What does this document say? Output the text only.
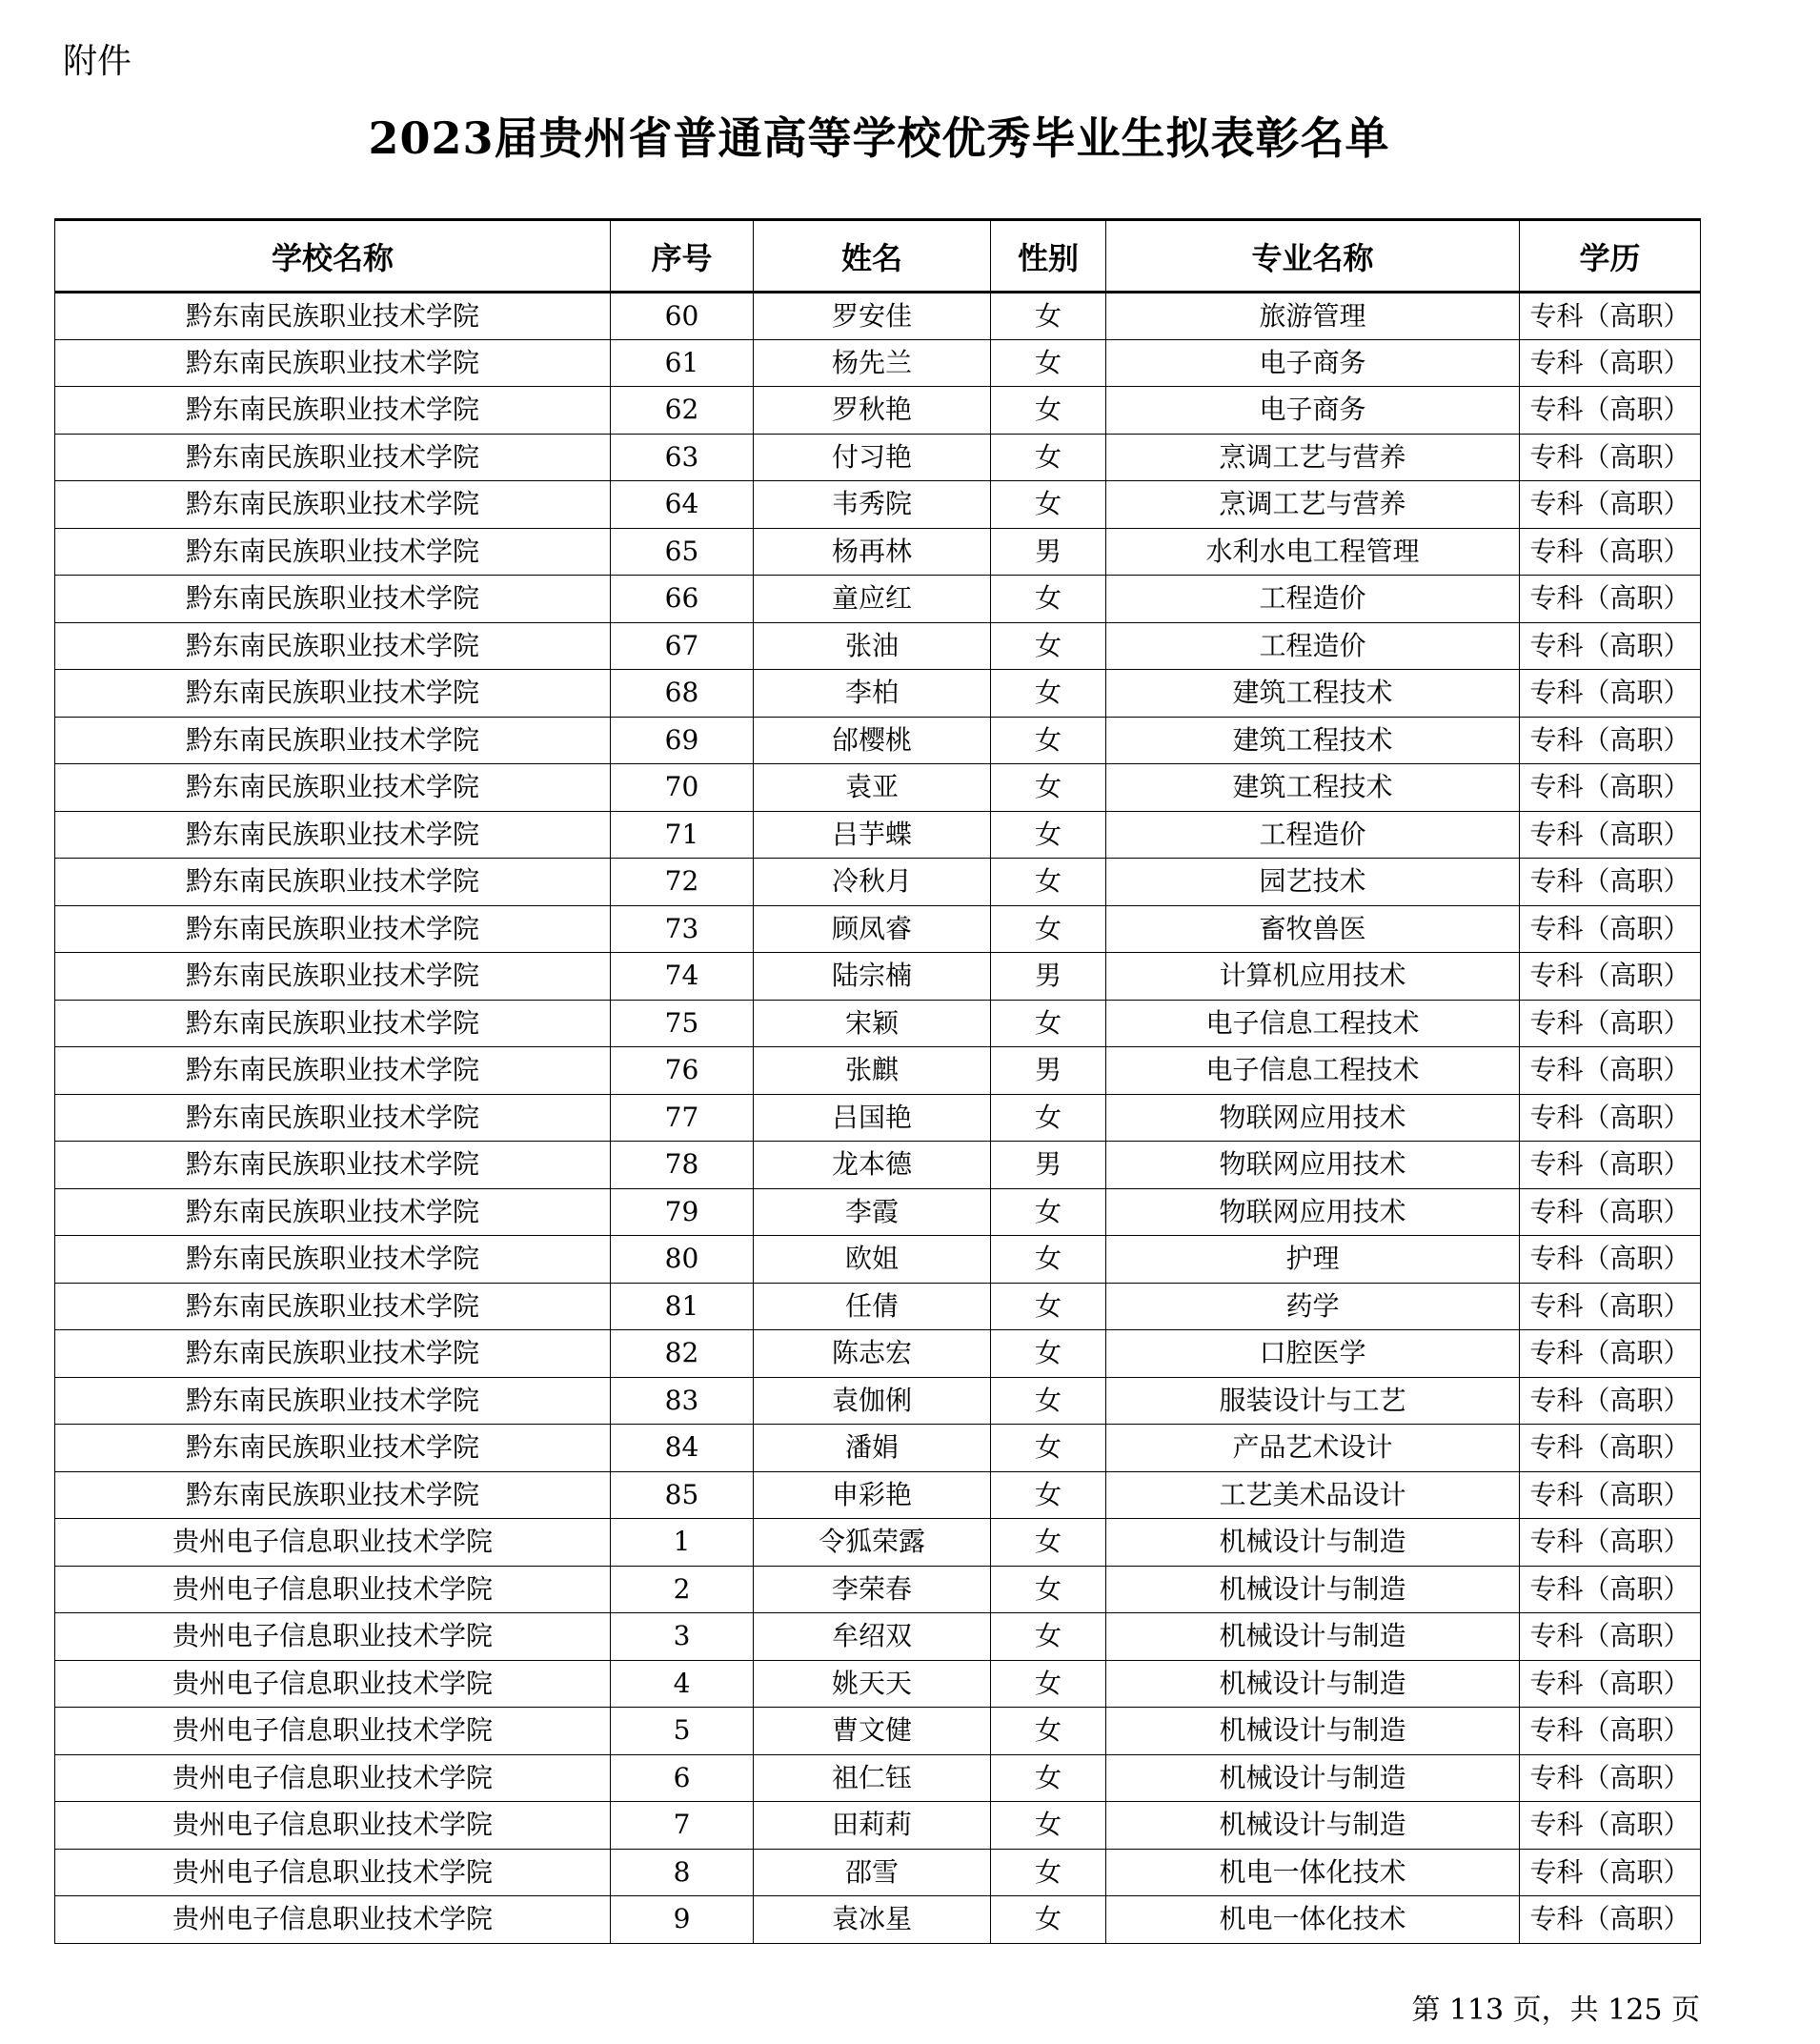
附件
2023届贵州省普通高等学校优秀毕业生拟表彰名单
学校名称	序号	姓名	性别	专业名称	学历
黔东南民族职业技术学院	60	罗安佳	女	旅游管理	专科（高职）
黔东南民族职业技术学院	61	杨先兰	女	电子商务	专科（高职）
黔东南民族职业技术学院	62	罗秋艳	女	电子商务	专科（高职）
黔东南民族职业技术学院	63	付习艳	女	烹调工艺与营养	专科（高职）
黔东南民族职业技术学院	64	韦秀院	女	烹调工艺与营养	专科（高职）
黔东南民族职业技术学院	65	杨再林	男	水利水电工程管理	专科（高职）
黔东南民族职业技术学院	66	童应红	女	工程造价	专科（高职）
黔东南民族职业技术学院	67	张油	女	工程造价	专科（高职）
黔东南民族职业技术学院	68	李柏	女	建筑工程技术	专科（高职）
黔东南民族职业技术学院	69	邰樱桃	女	建筑工程技术	专科（高职）
黔东南民族职业技术学院	70	袁亚	女	建筑工程技术	专科（高职）
黔东南民族职业技术学院	71	吕芋蝶	女	工程造价	专科（高职）
黔东南民族职业技术学院	72	冷秋月	女	园艺技术	专科（高职）
黔东南民族职业技术学院	73	顾凤睿	女	畜牧兽医	专科（高职）
黔东南民族职业技术学院	74	陆宗楠	男	计算机应用技术	专科（高职）
黔东南民族职业技术学院	75	宋颖	女	电子信息工程技术	专科（高职）
黔东南民族职业技术学院	76	张麒	男	电子信息工程技术	专科（高职）
黔东南民族职业技术学院	77	吕国艳	女	物联网应用技术	专科（高职）
黔东南民族职业技术学院	78	龙本德	男	物联网应用技术	专科（高职）
黔东南民族职业技术学院	79	李霞	女	物联网应用技术	专科（高职）
黔东南民族职业技术学院	80	欧姐	女	护理	专科（高职）
黔东南民族职业技术学院	81	任倩	女	药学	专科（高职）
黔东南民族职业技术学院	82	陈志宏	女	口腔医学	专科（高职）
黔东南民族职业技术学院	83	袁伽俐	女	服装设计与工艺	专科（高职）
黔东南民族职业技术学院	84	潘娟	女	产品艺术设计	专科（高职）
黔东南民族职业技术学院	85	申彩艳	女	工艺美术品设计	专科（高职）
贵州电子信息职业技术学院	1	令狐荣露	女	机械设计与制造	专科（高职）
贵州电子信息职业技术学院	2	李荣春	女	机械设计与制造	专科（高职）
贵州电子信息职业技术学院	3	牟绍双	女	机械设计与制造	专科（高职）
贵州电子信息职业技术学院	4	姚天天	女	机械设计与制造	专科（高职）
贵州电子信息职业技术学院	5	曹文健	女	机械设计与制造	专科（高职）
贵州电子信息职业技术学院	6	祖仁钰	女	机械设计与制造	专科（高职）
贵州电子信息职业技术学院	7	田莉莉	女	机械设计与制造	专科（高职）
贵州电子信息职业技术学院	8	邵雪	女	机电一体化技术	专科（高职）
贵州电子信息职业技术学院	9	袁冰星	女	机电一体化技术	专科（高职）
第 113 页，共 125 页
